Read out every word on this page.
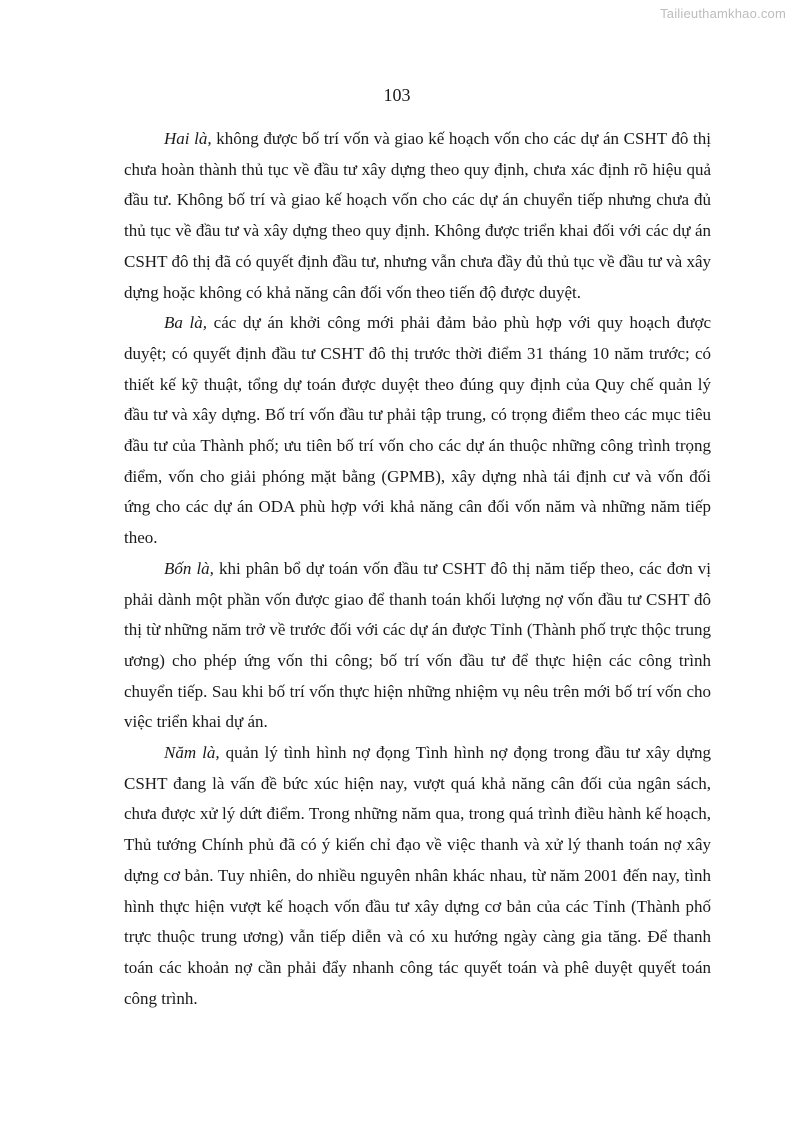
Tailieuthamkhao.com
103

Hai là, không được bố trí vốn và giao kế hoạch vốn cho các dự án CSHT đô thị chưa hoàn thành thủ tục về đầu tư xây dựng theo quy định, chưa xác định rõ hiệu quả đầu tư. Không bố trí và giao kế hoạch vốn cho các dự án chuyển tiếp nhưng chưa đủ thủ tục về đầu tư và xây dựng theo quy định. Không được triển khai đối với các dự án CSHT đô thị đã có quyết định đầu tư, nhưng vẫn chưa đầy đủ thủ tục về đầu tư và xây dựng hoặc không có khả năng cân đối vốn theo tiến độ được duyệt.

Ba là, các dự án khởi công mới phải đảm bảo phù hợp với quy hoạch được duyệt; có quyết định đầu tư CSHT đô thị trước thời điểm 31 tháng 10 năm trước; có thiết kế kỹ thuật, tổng dự toán được duyệt theo đúng quy định của Quy chế quản lý đầu tư và xây dựng. Bố trí vốn đầu tư phải tập trung, có trọng điểm theo các mục tiêu đầu tư của Thành phố; ưu tiên bố trí vốn cho các dự án thuộc những công trình trọng điểm, vốn cho giải phóng mặt bằng (GPMB), xây dựng nhà tái định cư và vốn đối ứng cho các dự án ODA phù hợp với khả năng cân đối vốn năm và những năm tiếp theo.

Bốn là, khi phân bổ dự toán vốn đầu tư CSHT đô thị năm tiếp theo, các đơn vị phải dành một phần vốn được giao để thanh toán khối lượng nợ vốn đầu tư CSHT đô thị từ những năm trở về trước đối với các dự án được Tỉnh (Thành phố trực thộc trung ương) cho phép ứng vốn thi công; bố trí vốn đầu tư để thực hiện các công trình chuyển tiếp. Sau khi bố trí vốn thực hiện những nhiệm vụ nêu trên mới bố trí vốn cho việc triển khai dự án.

Năm là, quản lý tình hình nợ đọng Tình hình nợ đọng trong đầu tư xây dựng CSHT đang là vấn đề bức xúc hiện nay, vượt quá khả năng cân đối của ngân sách, chưa được xử lý dứt điểm. Trong những năm qua, trong quá trình điều hành kế hoạch, Thủ tướng Chính phủ đã có ý kiến chỉ đạo về việc thanh và xử lý thanh toán nợ xây dựng cơ bản. Tuy nhiên, do nhiều nguyên nhân khác nhau, từ năm 2001 đến nay, tình hình thực hiện vượt kế hoạch vốn đầu tư xây dựng cơ bản của các Tỉnh (Thành phố trực thuộc trung ương) vẫn tiếp diễn và có xu hướng ngày càng gia tăng. Để thanh toán các khoản nợ cần phải đẩy nhanh công tác quyết toán và phê duyệt quyết toán công trình.
